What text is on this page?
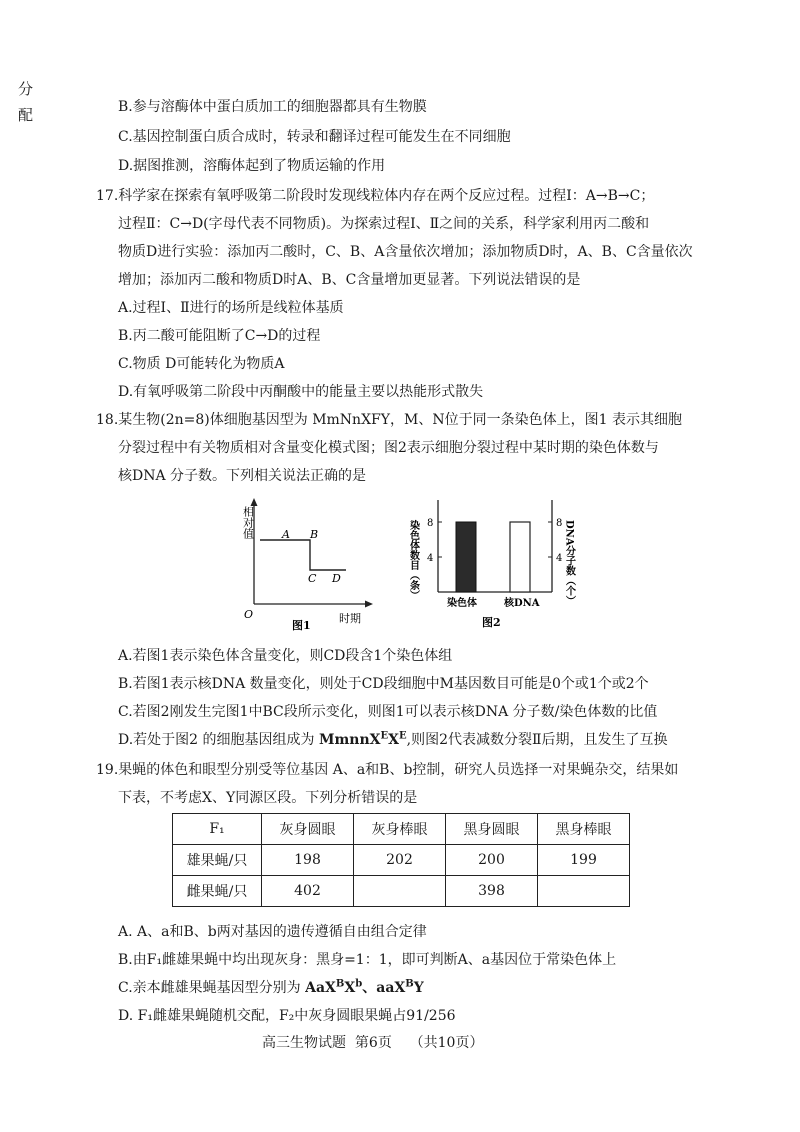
分
配	B.参与溶酶体中蛋白质加工的细胞器都具有生物膜
C.基因控制蛋白质合成时，转录和翻译过程可能发生在不同细胞
D.据图推测，溶酶体起到了物质运输的作用
17.科学家在探索有氧呼吸第二阶段时发现线粒体内存在两个反应过程。过程Ⅰ：A→B→C；
过程Ⅱ：C→D(字母代表不同物质)。为探索过程Ⅰ、Ⅱ之间的关系，科学家利用丙二酸和
物质D进行实验：添加丙二酸时，C、B、A含量依次增加；添加物质D时，A、B、C含量依次
增加；添加丙二酸和物质D时A、B、C含量增加更显著。下列说法错误的是
A.过程Ⅰ、Ⅱ进行的场所是线粒体基质
B.丙二酸可能阻断了C→D的过程
C.物质 D可能转化为物质A
D.有氧呼吸第二阶段中丙酮酸中的能量主要以热能形式散失
18.某生物(2n=8)体细胞基因型为 MmNnXFY，M、N位于同一条染色体上，图1 表示其细胞
分裂过程中有关物质相对含量变化模式图；图2表示细胞分裂过程中某时期的染色体数与
核DNA 分子数。下列相关说法正确的是
相对值
时期
O
A B
C D
图1
染色体数目（条）	DNA分子数（个）
8
4
8
4
染色体	核DNA
图2
A.若图1表示染色体含量变化，则CD段含1个染色体组
B.若图1表示核DNA 数量变化，则处于CD段细胞中M基因数目可能是0个或1个或2个
C.若图2刚发生完图1中BC段所示变化，则图1可以表示核DNA 分子数/染色体数的比值
D.若处于图2 的细胞基因组成为 $MmnnX^EX^E$,则图2代表减数分裂Ⅱ后期，且发生了互换
19.果蝇的体色和眼型分别受等位基因 A、a和B、b控制，研究人员选择一对果蝇杂交，结果如
下表，不考虑X、Y同源区段。下列分析错误的是
F₁	灰身圆眼	灰身棒眼	黑身圆眼	黑身棒眼
雄果蝇/只	198	202	200	199
雌果蝇/只	402		398	
A. A、a和B、b两对基因的遗传遵循自由组合定律
B.由F₁雌雄果蝇中均出现灰身：黑身=1：1，即可判断A、a基因位于常染色体上
C.亲本雌雄果蝇基因型分别为 $AaX^BX^b$、aaX$^B$Y
D. F₁雌雄果蝇随机交配，F₂中灰身圆眼果蝇占91/256
高三生物试题 第6页 （共10页）
